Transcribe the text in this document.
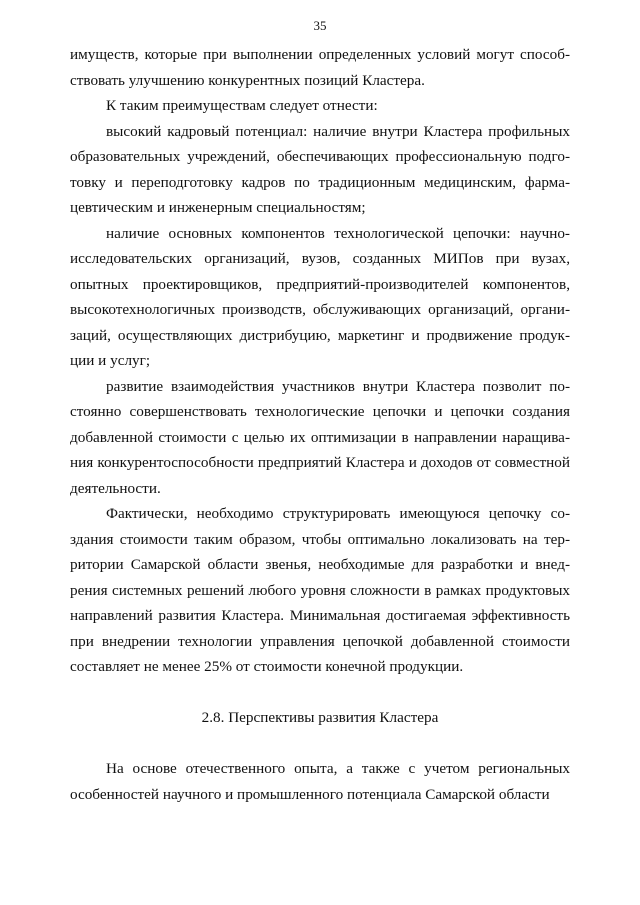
35

имуществ, которые при выполнении определенных условий могут способствовать улучшению конкурентных позиций Кластера.

К таким преимуществам следует отнести:

высокий кадровый потенциал: наличие внутри Кластера профильных образовательных учреждений, обеспечивающих профессиональную подготовку и переподготовку кадров по традиционным медицинским, фармацевтическим и инженерным специальностям;

наличие основных компонентов технологической цепочки: научно-исследовательских организаций, вузов, созданных МИПов при вузах, опытных проектировщиков, предприятий-производителей компонентов, высокотехнологичных производств, обслуживающих организаций, организаций, осуществляющих дистрибуцию, маркетинг и продвижение продукции и услуг;

развитие взаимодействия участников внутри Кластера позволит постоянно совершенствовать технологические цепочки и цепочки создания добавленной стоимости с целью их оптимизации в направлении наращивания конкурентоспособности предприятий Кластера и доходов от совместной деятельности.

Фактически, необходимо структурировать имеющуюся цепочку создания стоимости таким образом, чтобы оптимально локализовать на территории Самарской области звенья, необходимые для разработки и внедрения системных решений любого уровня сложности в рамках продуктовых направлений развития Кластера. Минимальная достигаемая эффективность при внедрении технологии управления цепочкой добавленной стоимости составляет не менее 25% от стоимости конечной продукции.

2.8. Перспективы развития Кластера

На основе отечественного опыта, а также с учетом региональных особенностей научного и промышленного потенциала Самарской области
